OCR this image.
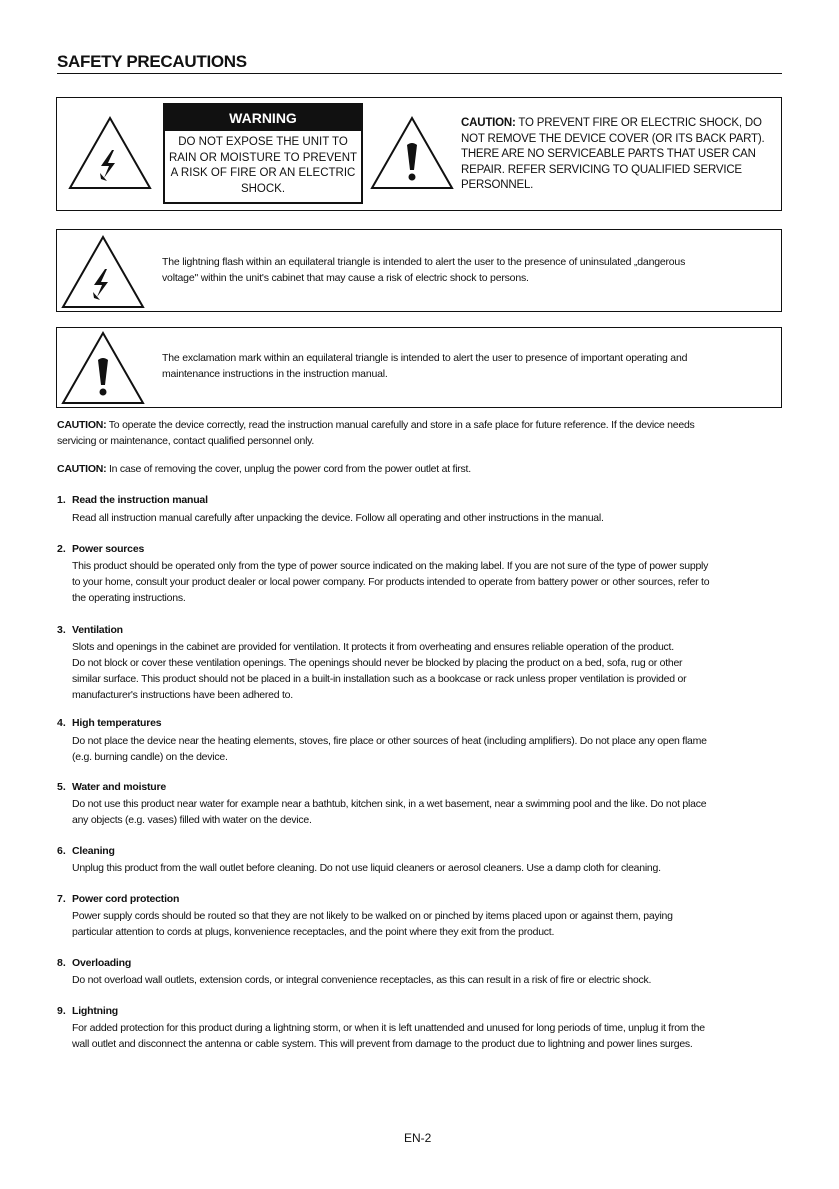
SAFETY PRECAUTIONS
WARNING
DO NOT EXPOSE THE UNIT TO
RAIN OR MOISTURE TO PREVENT
A RISK OF FIRE OR AN ELECTRIC
SHOCK.
CAUTION: TO PREVENT FIRE OR ELECTRIC SHOCK, DO
NOT REMOVE THE DEVICE COVER (OR ITS BACK PART).
THERE ARE NO SERVICEABLE PARTS THAT USER CAN
REPAIR. REFER SERVICING TO QUALIFIED SERVICE
PERSONNEL.
The lightning flash within an equilateral triangle is intended to alert the user to the presence of uninsulated „dangerous
voltage" within the unit's cabinet that may cause a risk of electric shock to persons.
The exclamation mark within an equilateral triangle is intended to alert the user to presence of important operating and
maintenance instructions in the instruction manual.
CAUTION: To operate the device correctly, read the instruction manual carefully and store in a safe place for future reference. If the device needs
servicing or maintenance, contact qualified personnel only.
CAUTION: In case of removing the cover, unplug the power cord from the power outlet at first.
1. Read the instruction manual
Read all instruction manual carefully after unpacking the device. Follow all operating and other instructions in the manual.
2. Power sources
This product should be operated only from the type of power source indicated on the making label. If you are not sure of the type of power supply
to your home, consult your product dealer or local power company. For products intended to operate from battery power or other sources, refer to
the operating instructions.
3. Ventilation
Slots and openings in the cabinet are provided for ventilation. It protects it from overheating and ensures reliable operation of the product.
Do not block or cover these ventilation openings. The openings should never be blocked by placing the product on a bed, sofa, rug or other
similar surface. This product should not be placed in a built-in installation such as a bookcase or rack unless proper ventilation is provided or
manufacturer's instructions have been adhered to.
4. High temperatures
Do not place the device near the heating elements, stoves, fire place or other sources of heat (including amplifiers). Do not place any open flame
(e.g. burning candle) on the device.
5. Water and moisture
Do not use this product near water for example near a bathtub, kitchen sink, in a wet basement, near a swimming pool and the like. Do not place
any objects (e.g. vases) filled with water on the device.
6. Cleaning
Unplug this product from the wall outlet before cleaning. Do not use liquid cleaners or aerosol cleaners. Use a damp cloth for cleaning.
7. Power cord protection
Power supply cords should be routed so that they are not likely to be walked on or pinched by items placed upon or against them, paying
particular attention to cords at plugs, konvenience receptacles, and the point where they exit from the product.
8. Overloading
Do not overload wall outlets, extension cords, or integral convenience receptacles, as this can result in a risk of fire or electric shock.
9. Lightning
For added protection for this product during a lightning storm, or when it is left unattended and unused for long periods of time, unplug it from the
wall outlet and disconnect the antenna or cable system. This will prevent from damage to the product due to lightning and power lines surges.
EN-2
